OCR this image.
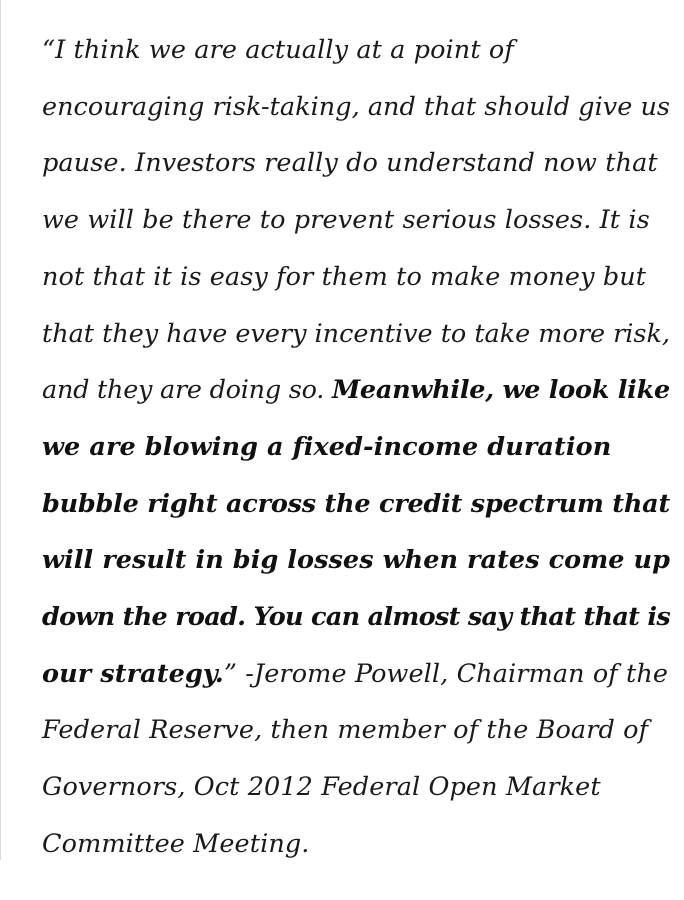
“I think we are actually at a point of
encouraging risk-taking, and that should give us
pause. Investors really do understand now that
we will be there to prevent serious losses. It is
not that it is easy for them to make money but
that they have every incentive to take more risk,
and they are doing so. Meanwhile, we look like
we are blowing a fixed-income duration
bubble right across the credit spectrum that
will result in big losses when rates come up
down the road. You can almost say that that is
our strategy.” -Jerome Powell, Chairman of the
Federal Reserve, then member of the Board of
Governors, Oct 2012 Federal Open Market
Committee Meeting.
